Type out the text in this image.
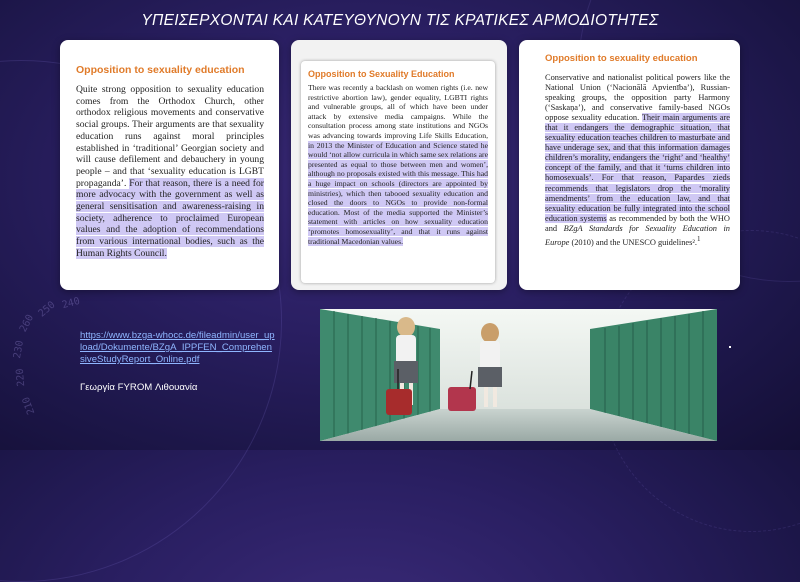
260
250 240
230
220
210
ΥΠΕΙΣΕΡΧΟΝΤΑΙ ΚΑΙ ΚΑΤΕΥΘΥΝΟΥΝ ΤΙΣ ΚΡΑΤΙΚΕΣ ΑΡΜΟΔΙΟΤΗΤΕΣ
Opposition to sexuality education

Quite strong opposition to sexuality education comes from the Orthodox Church, other orthodox religious movements and conservative social groups. Their arguments are that sexuality education runs against moral principles established in ‘traditional’ Georgian society and will cause defilement and debauchery in young people – and that ‘sexuality education is LGBT propaganda’. For that reason, there is a need for more advocacy with the government as well as general sensitisation and awareness-raising in society, adherence to proclaimed European values and the adoption of recommendations from various international bodies, such as the Human Rights Council.

Opposition to Sexuality Education

There was recently a backlash on women rights (i.e. new restrictive abortion law), gender equality, LGBTI rights and vulnerable groups, all of which have been under attack by extensive media campaigns. While the consultation process among state institutions and NGOs was advancing towards improving Life Skills Education, in 2013 the Minister of Education and Science stated he would ‘not allow curricula in which same sex relations are presented as equal to those between men and women’, although no proposals existed with this message. This had a huge impact on schools (directors are appointed by ministries), which then tabooed sexuality education and closed the doors to NGOs to provide non-formal education. Most of the media supported the Minister’s statement with articles on how sexuality education ‘promotes homosexuality’, and that it runs against traditional Macedonian values.

Opposition to sexuality education

Conservative and nationalist political powers like the National Union (‘Nacionālā Apvienība’), Russian-speaking groups, the opposition party Harmony (‘Saskaņa’), and conservative family-based NGOs oppose sexuality education. Their main arguments are that it endangers the demographic situation, that sexuality education teaches children to masturbate and have underage sex, and that this information damages children’s morality, endangers the ‘right’ and ‘healthy’ concept of the family, and that it ‘turns children into homosexuals’. For that reason, Papardes zieds recommends that legislators drop the ‘morality amendments’ from the education law, and that sexuality education be fully integrated into the school education systems as recommended by both the WHO and BZgA Standards for Sexuality Education in Europe (2010) and the UNESCO guidelines².$^1$

https://www.bzga-whocc.de/fileadmin/user_upload/Dokumente/BZgA_IPPFEN_ComprehensiveStudyReport_Online.pdf
Γεωργία FYROM Λιθουανία
